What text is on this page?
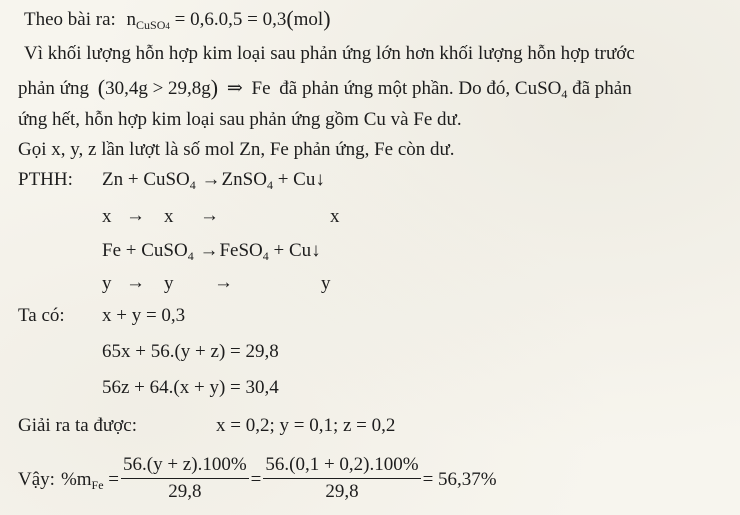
Theo bài ra: $n_{CuSO4} = 0,6.0,5 = 0,3(mol)$
Vì khối lượng hỗn hợp kim loại sau phản ứng lớn hơn khối lượng hỗn hợp trước
phản ứng (30,4g > 29,8g) ⇒ Fe đã phản ứng một phần. Do đó, CuSO$_4$ đã phản
ứng hết, hỗn hợp kim loại sau phản ứng gồm Cu và Fe dư.
Gọi x, y, z lần lượt là số mol Zn, Fe phản ứng, Fe còn dư.
PTHH: Zn + CuSO$_4$ →ZnSO$_4$ + Cu↓
x → x →	x
Fe + CuSO$_4$ →FeSO$_4$ + Cu↓
y → y →	y
Ta có: x + y = 0,3
65x + 56.(y + z) = 29,8
56z + 64.(x + y) = 30,4
Giải ra ta được:	x = 0,2; y = 0,1; z = 0,2
Vậy: $\%m_{Fe} = \frac{56.(y + z).100\%}{29,8} = \frac{56.(0,1 + 0,2).100\%}{29,8} = 56,37\%$
